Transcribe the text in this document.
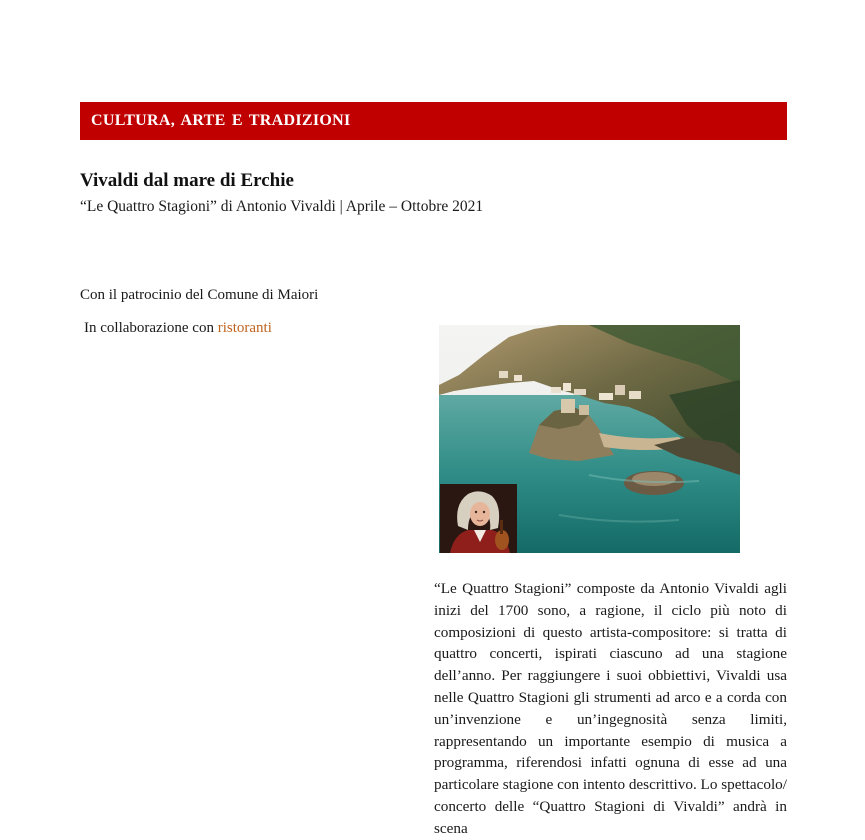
CULTURA, ARTE E TRADIZIONI
Vivaldi dal mare di Erchie
“Le Quattro Stagioni” di Antonio Vivaldi | Aprile – Ottobre 2021
Con il patrocinio del Comune di Maiori
In collaborazione con ristoranti

“Le Quattro Stagioni” composte da Antonio Vivaldi agli inizi del 1700 sono, a ragione, il ciclo più noto di composizioni di questo artista-compositore: si tratta di quattro concerti, ispirati ciascuno ad una stagione dell’anno. Per raggiungere i suoi obbiettivi, Vivaldi usa nelle Quattro Stagioni gli strumenti ad arco e a corda con un’invenzione e un’ingegnosità senza limiti, rappresentando un importante esempio di musica a programma, riferendosi infatti ognuna di esse ad una particolare stagione con intento descrittivo. Lo spettacolo/ concerto delle “Quattro Stagioni di Vivaldi” andrà in scena
